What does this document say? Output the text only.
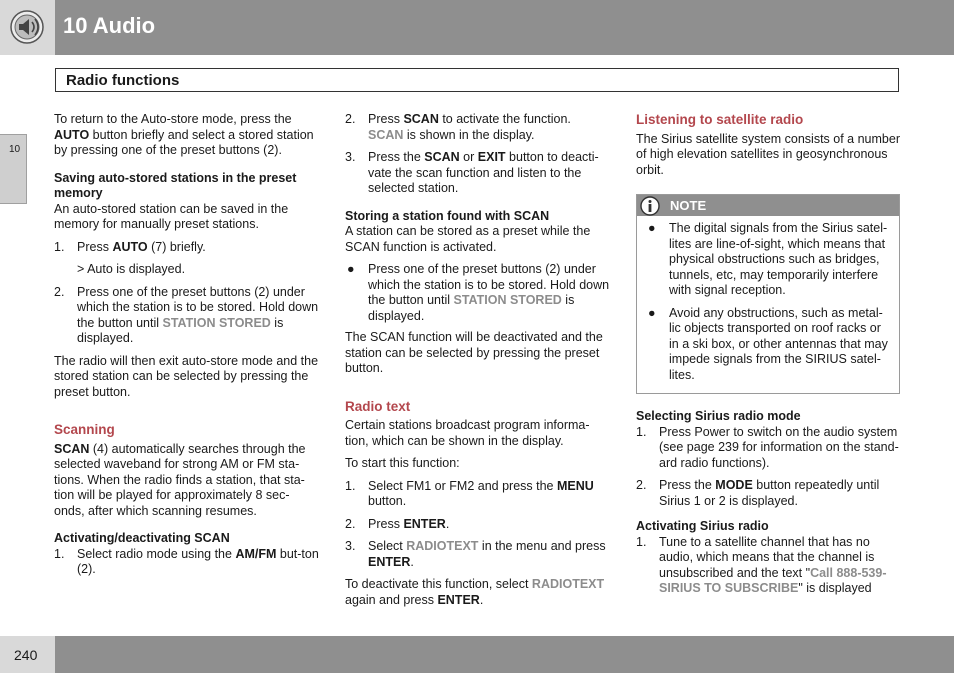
10 Audio
Radio functions
10

To return to the Auto-store mode, press the AUTO button briefly and select a stored station by pressing one of the preset buttons (2).

Saving auto-stored stations in the preset memory

An auto-stored station can be saved in the memory for manually preset stations.

1. Press AUTO (7) briefly.
> Auto is displayed.
2. Press one of the preset buttons (2) under which the station is to be stored. Hold down the button until STATION STORED is displayed.

The radio will then exit auto-store mode and the stored station can be selected by pressing the preset button.

Scanning

SCAN (4) automatically searches through the selected waveband for strong AM or FM sta-tions. When the radio finds a station, that sta-tion will be played for approximately 8 sec-onds, after which scanning resumes.

Activating/deactivating SCAN

1. Select radio mode using the AM/FM but-ton (2).
2. Press SCAN to activate the function.
SCAN is shown in the display.
3. Press the SCAN or EXIT button to deacti-vate the scan function and listen to the selected station.

Storing a station found with SCAN

A station can be stored as a preset while the SCAN function is activated.

● Press one of the preset buttons (2) under which the station is to be stored. Hold down the button until STATION STORED is displayed.

The SCAN function will be deactivated and the station can be selected by pressing the preset button.

Radio text

Certain stations broadcast program informa-tion, which can be shown in the display.

To start this function:

1. Select FM1 or FM2 and press the MENU button.
2. Press ENTER.
3. Select RADIOTEXT in the menu and press ENTER.

To deactivate this function, select RADIOTEXT again and press ENTER.

Listening to satellite radio

The Sirius satellite system consists of a number of high elevation satellites in geosynchronous orbit.

NOTE
● The digital signals from the Sirius satel-lites are line-of-sight, which means that physical obstructions such as bridges, tunnels, etc, may temporarily interfere with signal reception.
● Avoid any obstructions, such as metal-lic objects transported on roof racks or in a ski box, or other antennas that may impede signals from the SIRIUS satel-lites.

Selecting Sirius radio mode

1. Press Power to switch on the audio system (see page 239 for information on the stand-ard radio functions).
2. Press the MODE button repeatedly until Sirius 1 or 2 is displayed.

Activating Sirius radio

1. Tune to a satellite channel that has no audio, which means that the channel is unsubscribed and the text "Call 888-539-SIRIUS TO SUBSCRIBE" is displayed
240
